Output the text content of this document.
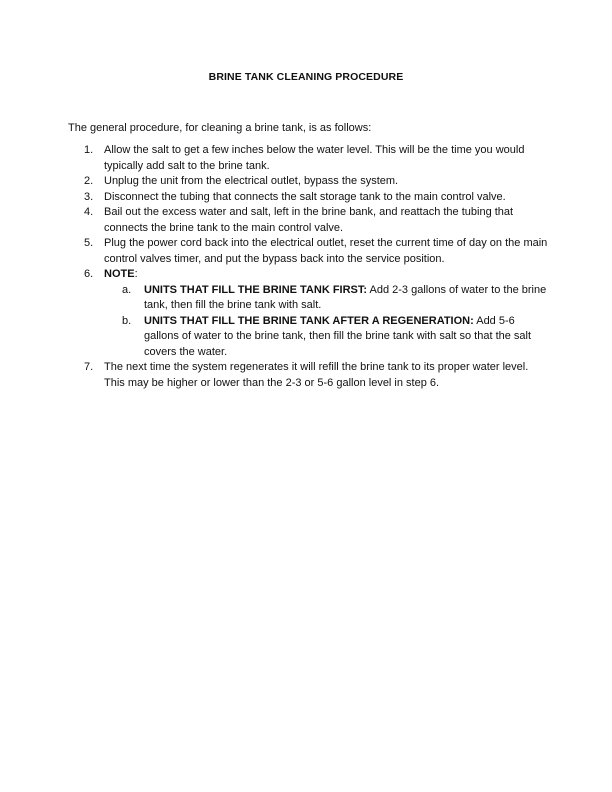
BRINE TANK CLEANING PROCEDURE
The general procedure, for cleaning a brine tank, is as follows:
1. Allow the salt to get a few inches below the water level. This will be the time you would typically add salt to the brine tank.
2. Unplug the unit from the electrical outlet, bypass the system.
3. Disconnect the tubing that connects the salt storage tank to the main control valve.
4. Bail out the excess water and salt, left in the brine bank, and reattach the tubing that connects the brine tank to the main control valve.
5. Plug the power cord back into the electrical outlet, reset the current time of day on the main control valves timer, and put the bypass back into the service position.
6. NOTE:
a.	UNITS THAT FILL THE BRINE TANK FIRST: Add 2-3 gallons of water to the brine tank, then fill the brine tank with salt.
b.	UNITS THAT FILL THE BRINE TANK AFTER A REGENERATION: Add 5-6 gallons of water to the brine tank, then fill the brine tank with salt so that the salt covers the water.
7. The next time the system regenerates it will refill the brine tank to its proper water level. This may be higher or lower than the 2-3 or 5-6 gallon level in step 6.
